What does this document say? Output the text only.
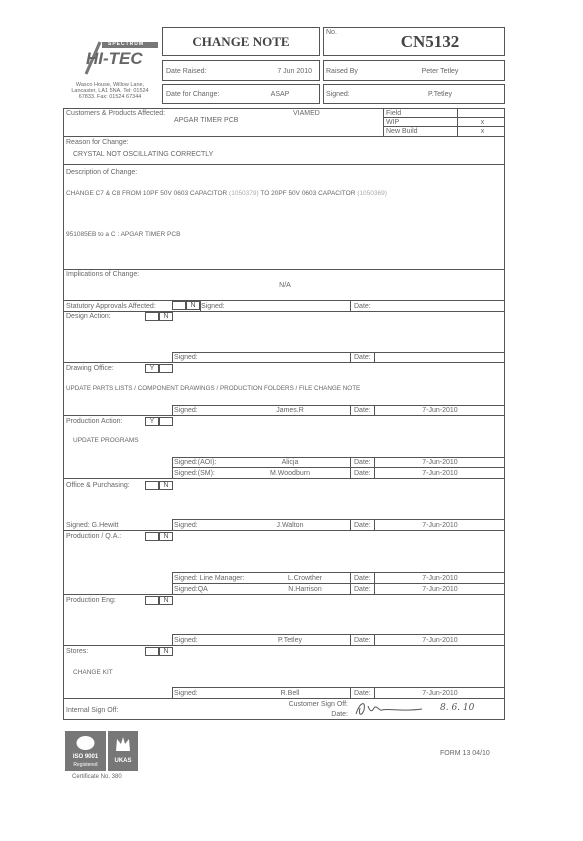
SPECTRUM
HI-TEC
Wasco House, Willow Lane,
Lancaster, LA1 5NA. Tel: 01524
67833. Fax: 01524 67344
CHANGE NOTE
No.	CN5132
Date Raised:	7 Jun 2010 Raised By	Peter Tetley
Date for Change:	ASAP	Signed:	P.Tetley
Customers & Products Affected:
APGAR TIMER PCB
VIAMED	Field
WIP	x
New Build	x
Reason for Change:
CRYSTAL NOT OSCILLATING CORRECTLY
Description of Change:
CHANGE C7 & C8 FROM 10PF 50V 0603 CAPACITOR (1050379) TO 20PF 50V 0603 CAPACITOR (1050369)
951085EB to a C : APGAR TIMER PCB
Implications of Change:
N/A
Statutory Approvals Affected:	N Signed:	Date:
Design Action:	N
Signed:	Date:
Drawing Office:	Y
UPDATE PARTS LISTS / COMPONENT DRAWINGS / PRODUCTION FOLDERS / FILE CHANGE NOTE
Signed:	James.R	Date:	7-Jun-2010
Production Action:	Y
UPDATE PROGRAMS
Signed:(AOI):	Alicja	Date:	7-Jun-2010
Signed:(SM):	M.Woodburn	Date:	7-Jun-2010
Office & Purchasing:	N
Signed: G.Hewitt	Signed:	J.Walton	Date:	7-Jun-2010
Production / Q.A.:	N
Signed: Line Manager:	L.Crowther	Date:	7-Jun-2010
Signed:QA	N.Harrison	Date:	7-Jun-2010
Production Eng:	N
Signed:	P.Tetley	Date:	7-Jun-2010
Stores:	N
CHANGE KIT
Signed:	R.Bell	Date:	7-Jun-2010
Internal Sign Off:
Customer Sign Off:
Date:
8. 6. 10
ISO 9001
Registered
UKAS
Certificate No. 380
FORM 13 04/10
